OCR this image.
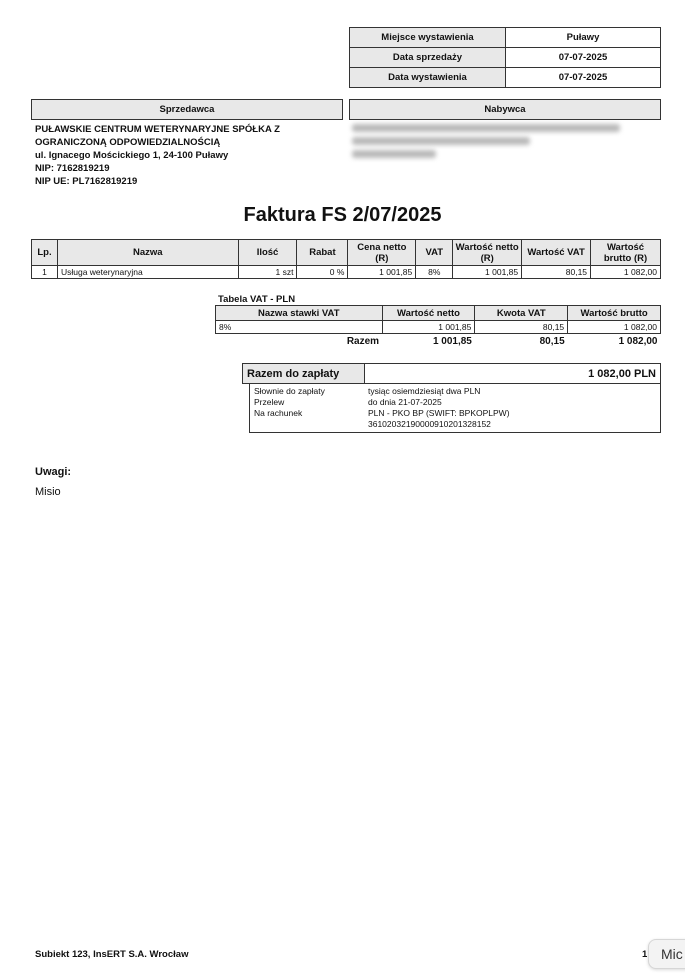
Miejsce wystawienia	Puławy
Data sprzedaży	07-07-2025
Data wystawienia	07-07-2025
Sprzedawca	Nabywca
PUŁAWSKIE CENTRUM WETERYNARYJNE SPÓŁKA Z OGRANICZONĄ ODPOWIEDZIALNOŚCIĄ
ul. Ignacego Mościckiego 1, 24-100 Puławy
NIP: 7162819219
NIP UE: PL7162819219
Faktura FS 2/07/2025
Lp.	Nazwa	Ilość	Rabat	Cena netto (R)	VAT	Wartość netto (R)	Wartość VAT	Wartość brutto (R)
1	Usługa weterynaryjna	1 szt	0 %	1 001,85	8%	1 001,85	80,15	1 082,00
Tabela VAT - PLN
Nazwa stawki VAT	Wartość netto	Kwota VAT	Wartość brutto
8%	1 001,85	80,15	1 082,00
Razem	1 001,85	80,15	1 082,00
Razem do zapłaty	1 082,00 PLN
Słownie do zapłaty	tysiąc osiemdziesiąt dwa PLN
Przelew	do dnia 21-07-2025
Na rachunek	PLN - PKO BP (SWIFT: BPKOPLPW)
36102032190000910201328152
Uwagi:
Misio
Subiekt 123, InsERT S.A. Wrocław	1 Mic
